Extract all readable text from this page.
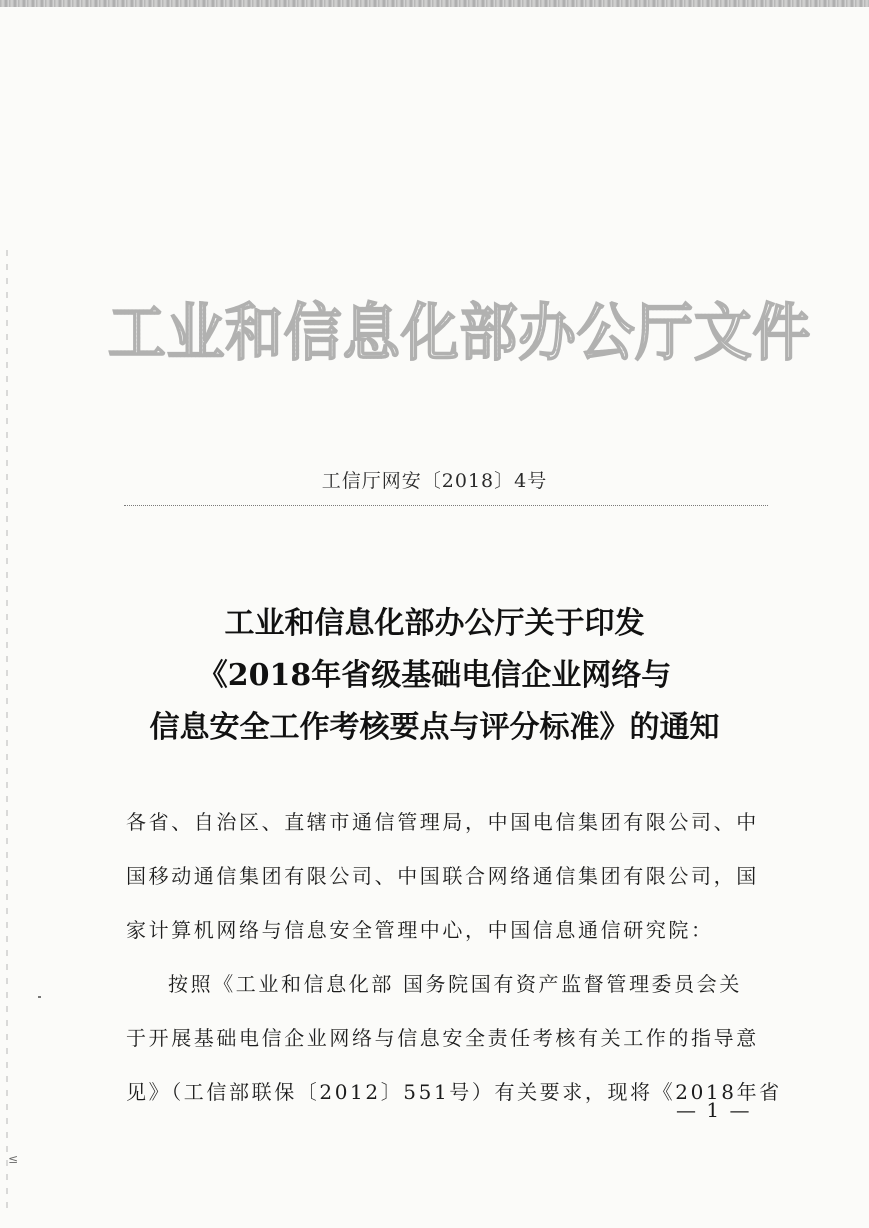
≤
工业和信息化部办公厅文件
工信厅网安〔2018〕4号
工业和信息化部办公厅关于印发
《2018年省级基础电信企业网络与
信息安全工作考核要点与评分标准》的通知
各省、自治区、直辖市通信管理局，中国电信集团有限公司、中
国移动通信集团有限公司、中国联合网络通信集团有限公司，国
家计算机网络与信息安全管理中心，中国信息通信研究院：
按照《工业和信息化部 国务院国有资产监督管理委员会关
于开展基础电信企业网络与信息安全责任考核有关工作的指导意
见》（工信部联保〔2012〕551号）有关要求，现将《2018年省
— 1 —
